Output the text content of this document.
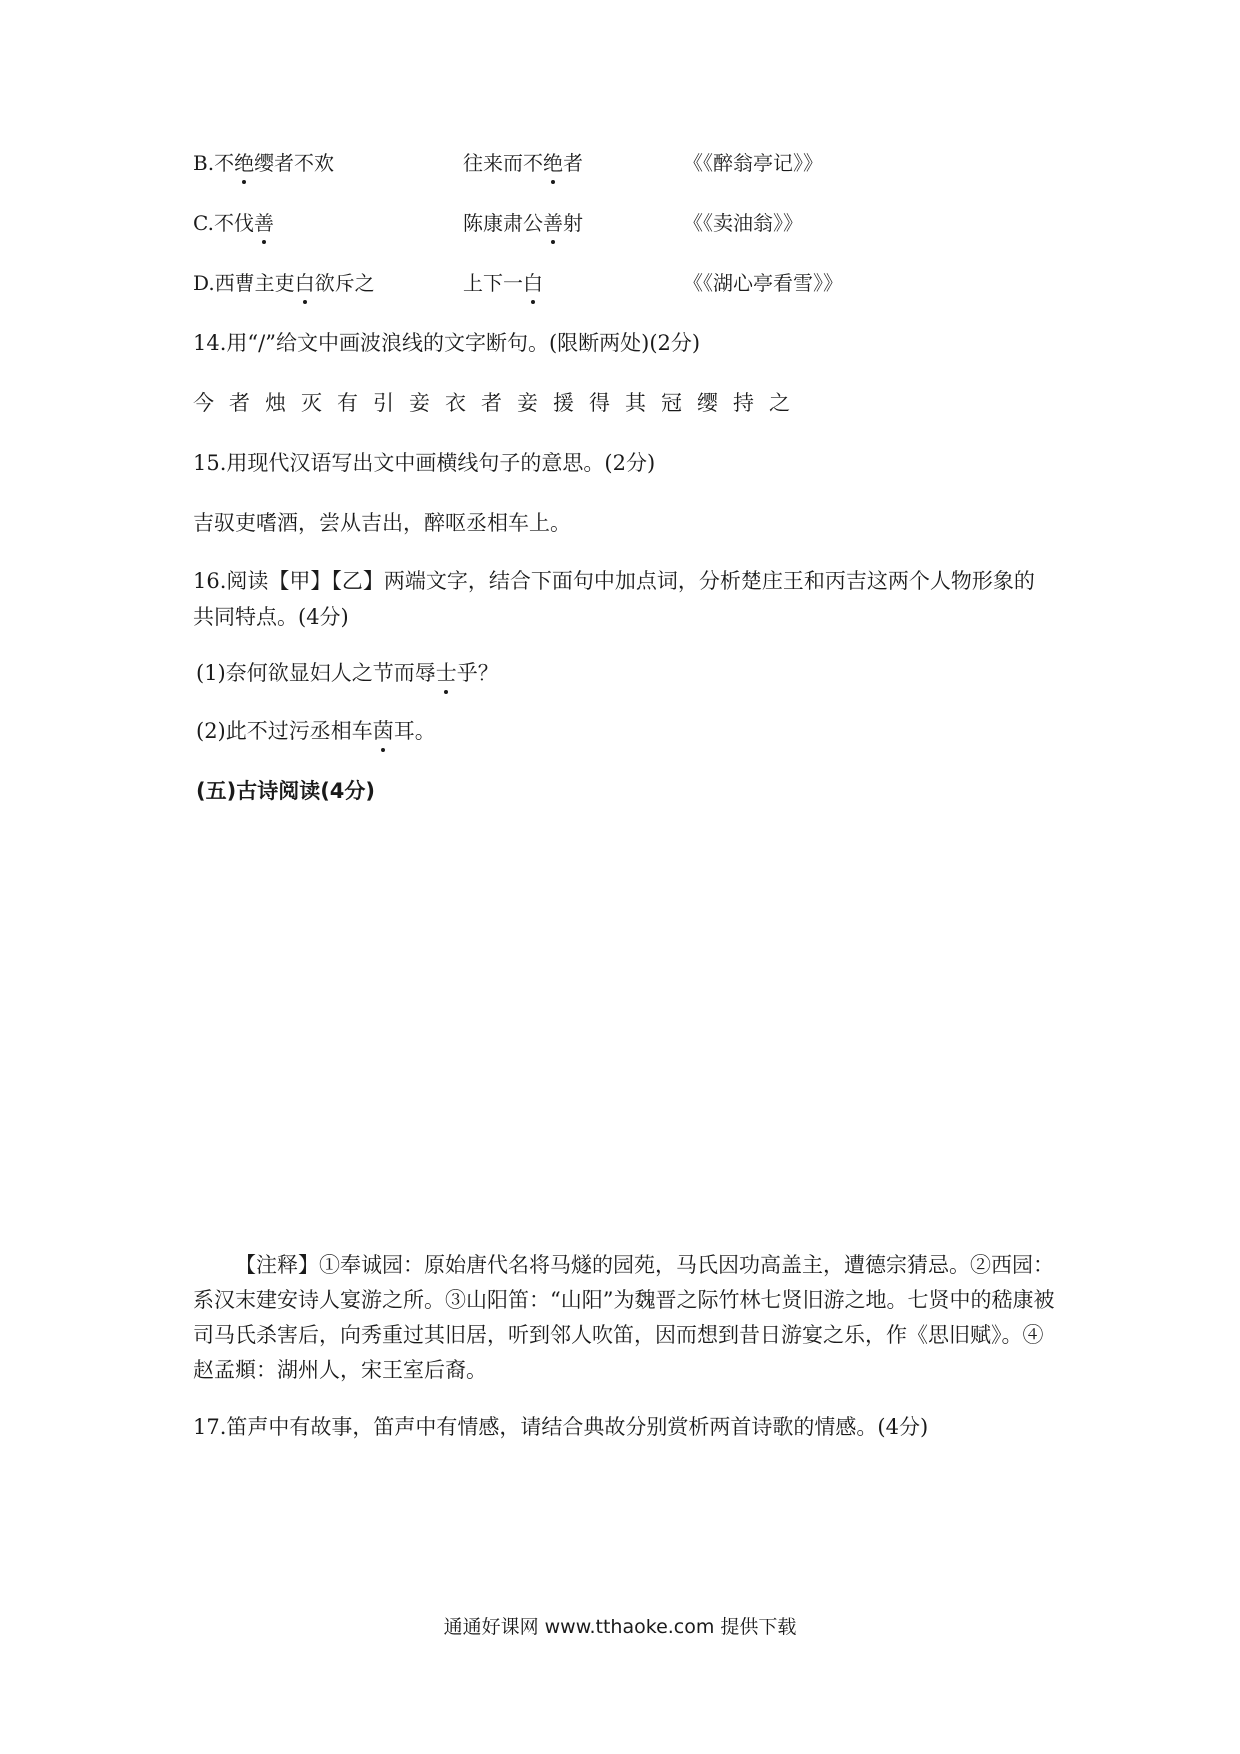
B.不绝缨者不欢	往来而不绝者	《《醉翁亭记》》
C.不伐善	陈康肃公善射	《《卖油翁》》
D.西曹主吏白欲斥之	上下一白	《《湖心亭看雪》》
14.用“/”给文中画波浪线的文字断句。(限断两处)(2分)
今者烛灭有引妾衣者妾援得其冠缨持之
15.用现代汉语写出文中画横线句子的意思。(2分)
吉驭吏嗜酒，尝从吉出，醉呕丞相车上。
16.阅读【甲】【乙】两端文字，结合下面句中加点词，分析楚庄王和丙吉这两个人物形象的
共同特点。(4分)
(1)奈何欲显妇人之节而辱士乎？
(2)此不过污丞相车茵耳。
(五)古诗阅读(4分)

【注释】①奉诚园：原始唐代名将马燧的园苑，马氏因功高盖主，遭德宗猜忌。②西园：系汉末建安诗人宴游之所。③山阳笛：“山阳”为魏晋之际竹林七贤旧游之地。七贤中的嵇康被司马氏杀害后，向秀重过其旧居，听到邻人吹笛，因而想到昔日游宴之乐，作《思旧赋》。④赵孟頫：湖州人，宋王室后裔。

17.笛声中有故事，笛声中有情感，请结合典故分别赏析两首诗歌的情感。(4分)
通通好课网 www.tthaoke.com 提供下载
